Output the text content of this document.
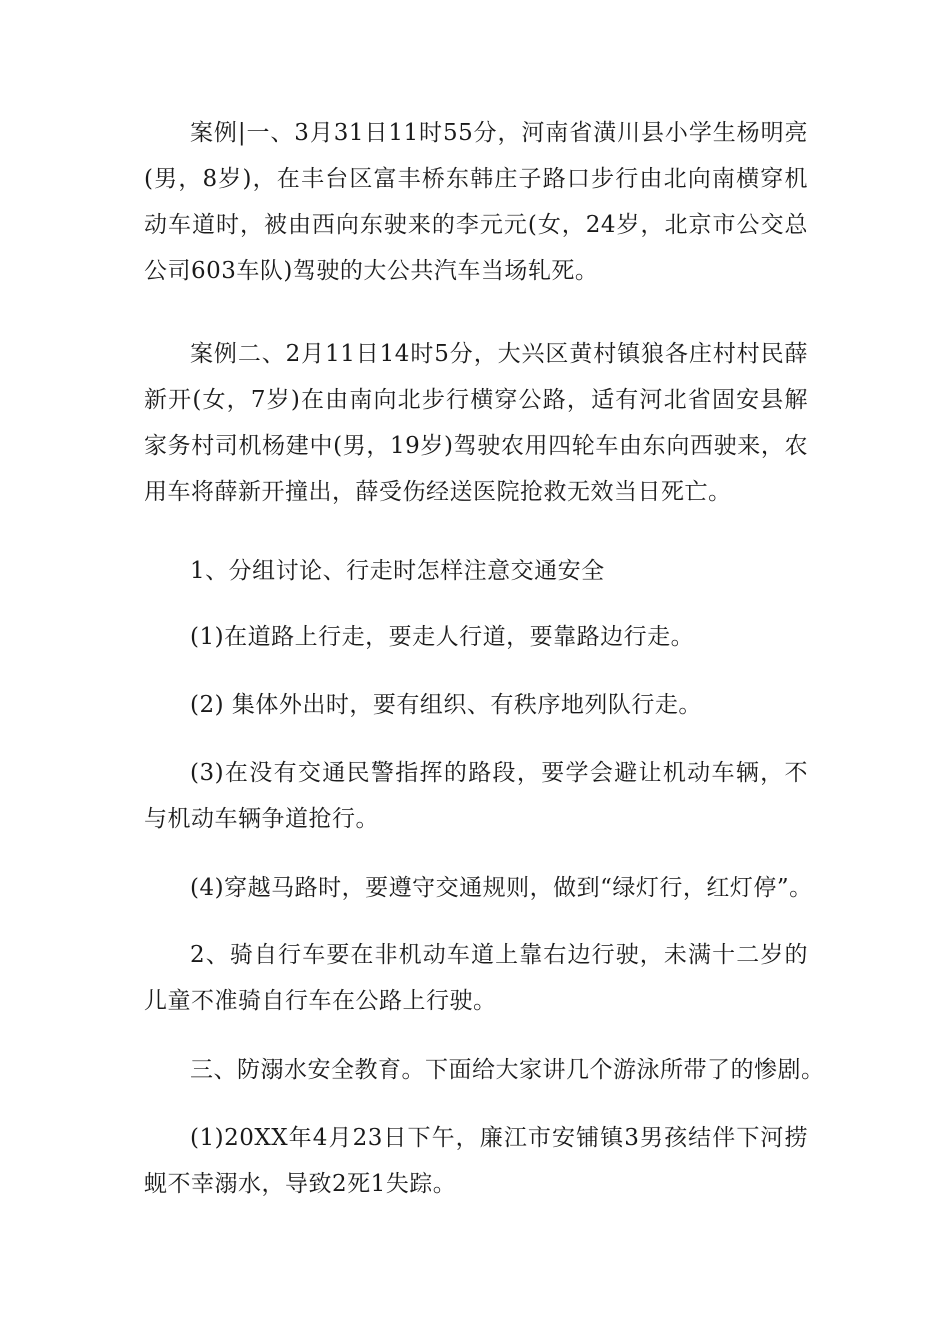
案例|一、3月31日11时55分，河南省潢川县小学生杨明亮(男，8岁)，在丰台区富丰桥东韩庄子路口步行由北向南横穿机动车道时，被由西向东驶来的李元元(女，24岁，北京市公交总公司603车队)驾驶的大公共汽车当场轧死。

案例二、2月11日14时5分，大兴区黄村镇狼各庄村村民薛新开(女，7岁)在由南向北步行横穿公路，适有河北省固安县解家务村司机杨建中(男，19岁)驾驶农用四轮车由东向西驶来，农用车将薛新开撞出，薛受伤经送医院抢救无效当日死亡。

1、分组讨论、行走时怎样注意交通安全

(1)在道路上行走，要走人行道，要靠路边行走。

(2) 集体外出时，要有组织、有秩序地列队行走。

(3)在没有交通民警指挥的路段，要学会避让机动车辆，不与机动车辆争道抢行。

(4)穿越马路时，要遵守交通规则，做到“绿灯行，红灯停”。

2、骑自行车要在非机动车道上靠右边行驶，未满十二岁的儿童不准骑自行车在公路上行驶。

三、防溺水安全教育。下面给大家讲几个游泳所带了的惨剧。

(1)20XX年4月23日下午，廉江市安铺镇3男孩结伴下河捞蚬不幸溺水，导致2死1失踪。
